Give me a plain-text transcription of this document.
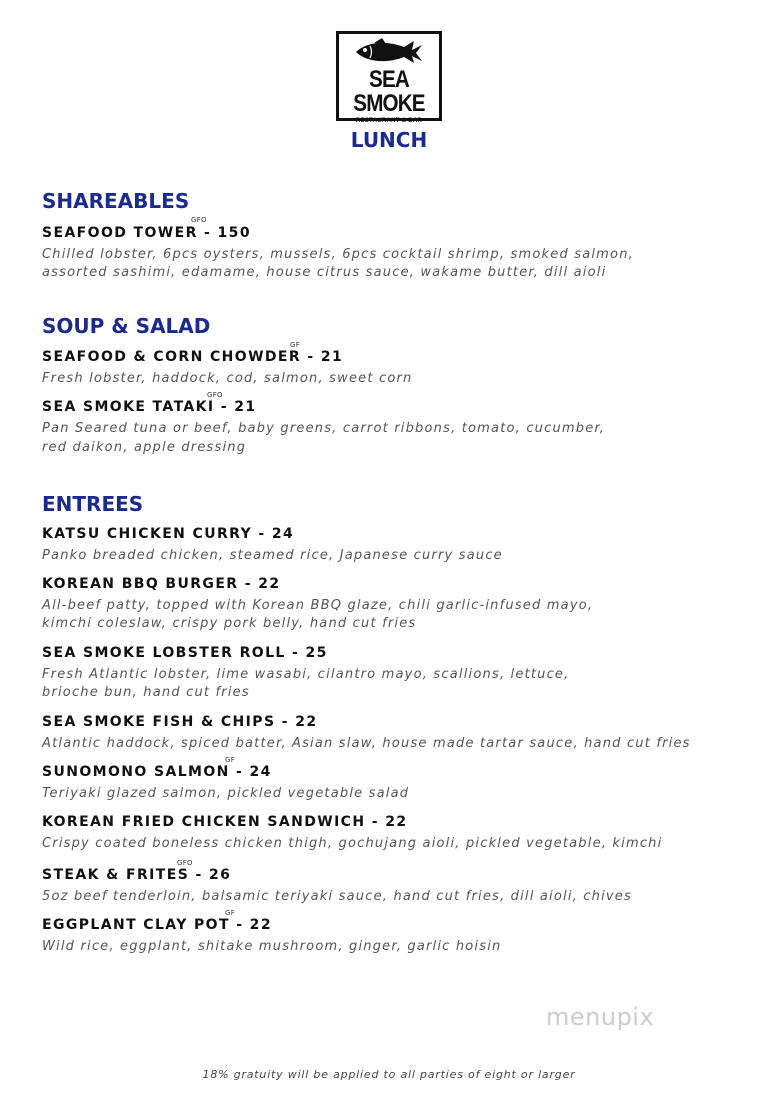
SEA SMOKE
RESTAURANT & BAR
LUNCH
SHAREABLES
GFO
SEAFOOD TOWER - 150
Chilled lobster, 6pcs oysters, mussels, 6pcs cocktail shrimp, smoked salmon,
assorted sashimi, edamame, house citrus sauce, wakame butter, dill aioli
SOUP & SALAD
GF
SEAFOOD & CORN CHOWDER - 21
Fresh lobster, haddock, cod, salmon, sweet corn
GFO
SEA SMOKE TATAKI - 21
Pan Seared tuna or beef, baby greens, carrot ribbons, tomato, cucumber,
red daikon, apple dressing
ENTREES
KATSU CHICKEN CURRY - 24
Panko breaded chicken, steamed rice, Japanese curry sauce
KOREAN BBQ BURGER - 22
All-beef patty, topped with Korean BBQ glaze, chili garlic-infused mayo,
kimchi coleslaw, crispy pork belly, hand cut fries
SEA SMOKE LOBSTER ROLL - 25
Fresh Atlantic lobster, lime wasabi, cilantro mayo, scallions, lettuce,
brioche bun, hand cut fries
SEA SMOKE FISH & CHIPS - 22
Atlantic haddock, spiced batter, Asian slaw, house made tartar sauce, hand cut fries
GF
SUNOMONO SALMON - 24
Teriyaki glazed salmon, pickled vegetable salad
KOREAN FRIED CHICKEN SANDWICH - 22
Crispy coated boneless chicken thigh, gochujang aioli, pickled vegetable, kimchi
GFO
STEAK & FRITES - 26
5oz beef tenderloin, balsamic teriyaki sauce, hand cut fries, dill aioli, chives
GF
EGGPLANT CLAY POT - 22
Wild rice, eggplant, shitake mushroom, ginger, garlic hoisin
menupix
18% gratuity will be applied to all parties of eight or larger
